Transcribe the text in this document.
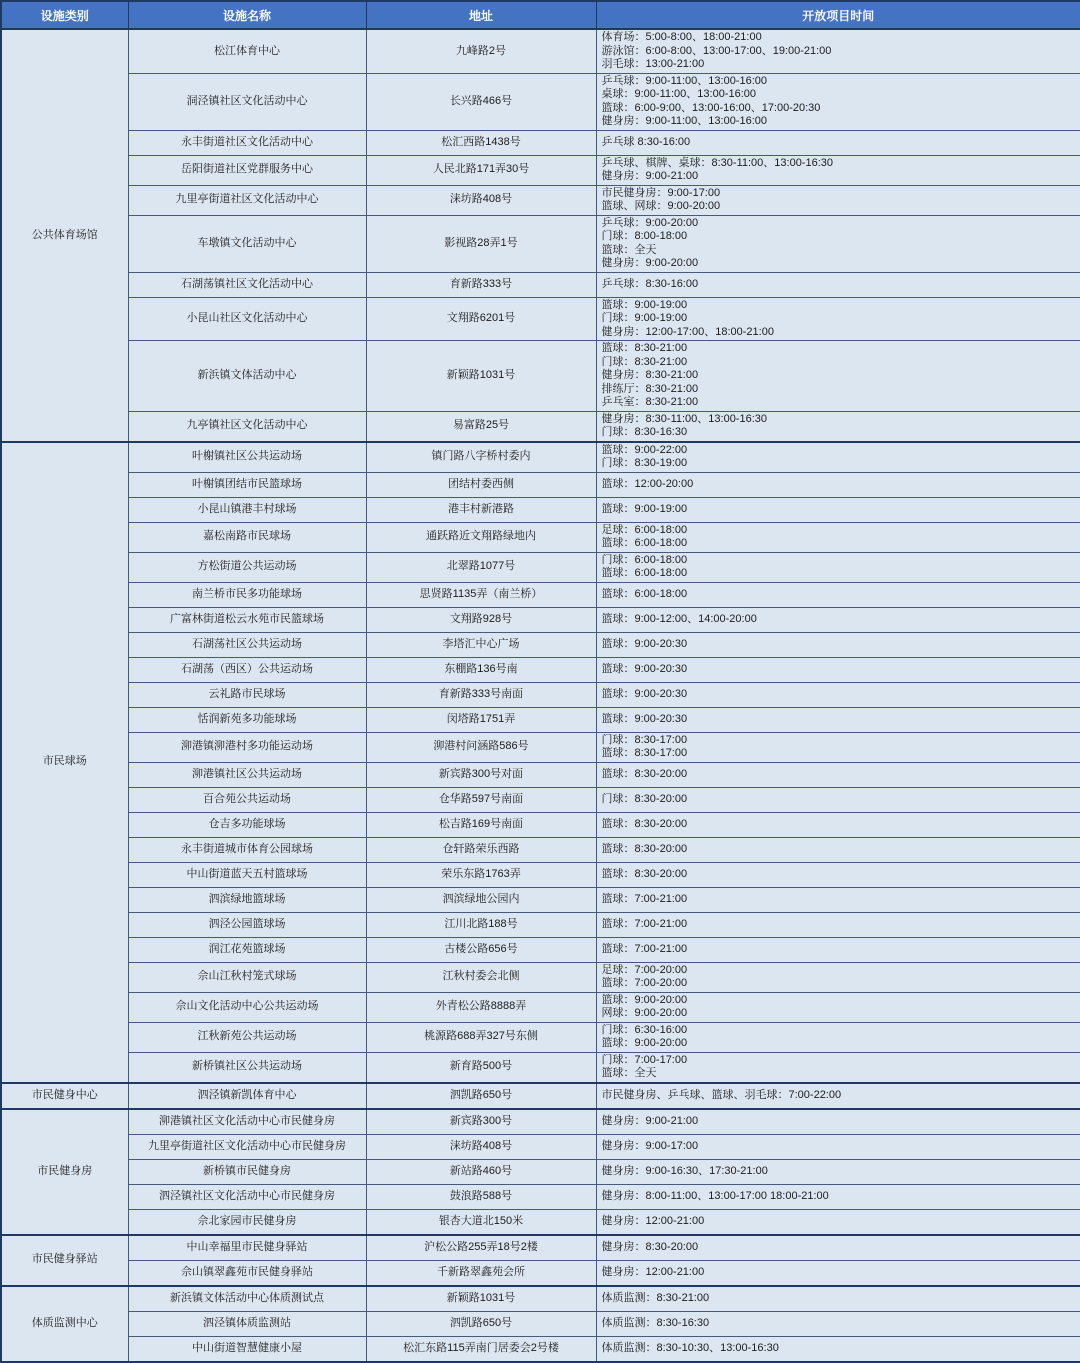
设施类别	设施名称	地址	开放项目时间
公共体育场馆	松江体育中心	九峰路2号	体育场：5:00-8:00、18:00-21:00
游泳馆：6:00-8:00、13:00-17:00、19:00-21:00
羽毛球：13:00-21:00

	洞泾镇社区文化活动中心	长兴路466号	乒乓球：9:00-11:00、13:00-16:00
桌球：9:00-11:00、13:00-16:00
篮球：6:00-9:00、13:00-16:00、17:00-20:30
健身房：9:00-11:00、13:00-16:00

	永丰街道社区文化活动中心	松汇西路1438号	乒乓球 8:30-16:00

	岳阳街道社区党群服务中心	人民北路171弄30号	乒乓球、棋牌、桌球：8:30-11:00、13:00-16:30
健身房：9:00-21:00

	九里亭街道社区文化活动中心	涞坊路408号	市民健身房：9:00-17:00
篮球、网球：9:00-20:00

	车墩镇文化活动中心	影视路28弄1号	乒乓球：9:00-20:00
门球：8:00-18:00
篮球：全天
健身房：9:00-20:00

	石湖荡镇社区文化活动中心	育新路333号	乒乓球：8:30-16:00

	小昆山社区文化活动中心	文翔路6201号	篮球：9:00-19:00
门球：9:00-19:00
健身房：12:00-17:00、18:00-21:00

	新浜镇文体活动中心	新颖路1031号	篮球：8:30-21:00
门球：8:30-21:00
健身房：8:30-21:00
排练厅：8:30-21:00
乒乓室：8:30-21:00

	九亭镇社区文化活动中心	易富路25号	健身房：8:30-11:00、13:00-16:30
门球：8:30-16:30

市民球场	叶榭镇社区公共运动场	镇门路八字桥村委内	篮球：9:00-22:00
门球：8:30-19:00

	叶榭镇团结市民篮球场	团结村委西侧	篮球：12:00-20:00

	小昆山镇港丰村球场	港丰村新港路	篮球：9:00-19:00

	嘉松南路市民球场	通跃路近文翔路绿地内	足球：6:00-18:00
篮球：6:00-18:00

	方松街道公共运动场	北翠路1077号	门球：6:00-18:00
篮球：6:00-18:00

	南兰桥市民多功能球场	思贤路1135弄（南兰桥）	篮球：6:00-18:00

	广富林街道松云水苑市民篮球场	文翔路928号	篮球：9:00-12:00、14:00-20:00

	石湖荡社区公共运动场	李塔汇中心广场	篮球：9:00-20:30

	石湖荡（西区）公共运动场	东棚路136号南	篮球：9:00-20:30

	云礼路市民球场	育新路333号南面	篮球：9:00-20:30

	恬润新苑多功能球场	闵塔路1751弄	篮球：9:00-20:30

	泖港镇泖港村多功能运动场	泖港村问涵路586号	门球：8:30-17:00
篮球：8:30-17:00

	泖港镇社区公共运动场	新宾路300号对面	篮球：8:30-20:00

	百合苑公共运动场	仓华路597号南面	门球：8:30-20:00

	仓吉多功能球场	松吉路169号南面	篮球：8:30-20:00

	永丰街道城市体育公园球场	仓轩路荣乐西路	篮球：8:30-20:00

	中山街道蓝天五村篮球场	荣乐东路1763弄	篮球：8:30-20:00

	泗滨绿地篮球场	泗滨绿地公园内	篮球：7:00-21:00

	泗泾公园篮球场	江川北路188号	篮球：7:00-21:00

	润江花苑篮球场	古楼公路656号	篮球：7:00-21:00

	佘山江秋村笼式球场	江秋村委会北侧	足球：7:00-20:00
篮球：7:00-20:00

	佘山文化活动中心公共运动场	外青松公路8888弄	篮球：9:00-20:00
网球：9:00-20:00

	江秋新苑公共运动场	桃源路688弄327号东侧	门球：6:30-16:00
篮球：9:00-20:00

	新桥镇社区公共运动场	新育路500号	门球：7:00-17:00
篮球：全天

市民健身中心	泗泾镇新凯体育中心	泗凯路650号	市民健身房、乒乓球、篮球、羽毛球：7:00-22:00

市民健身房	泖港镇社区文化活动中心市民健身房	新宾路300号	健身房：9:00-21:00

	九里亭街道社区文化活动中心市民健身房	涞坊路408号	健身房：9:00-17:00

	新桥镇市民健身房	新站路460号	健身房：9:00-16:30、17:30-21:00

	泗泾镇社区文化活动中心市民健身房	鼓浪路588号	健身房：8:00-11:00、13:00-17:00 18:00-21:00

	佘北家园市民健身房	银杏大道北150米	健身房：12:00-21:00

市民健身驿站	中山幸福里市民健身驿站	沪松公路255弄18号2楼	健身房：8:30-20:00

	佘山镇翠鑫苑市民健身驿站	千新路翠鑫苑会所	健身房：12:00-21:00

体质监测中心	新浜镇文体活动中心体质测试点	新颖路1031号	体质监测：8:30-21:00

	泗泾镇体质监测站	泗凯路650号	体质监测：8:30-16:30

	中山街道智慧健康小屋	松汇东路115弄南门居委会2号楼	体质监测：8:30-10:30、13:00-16:30
